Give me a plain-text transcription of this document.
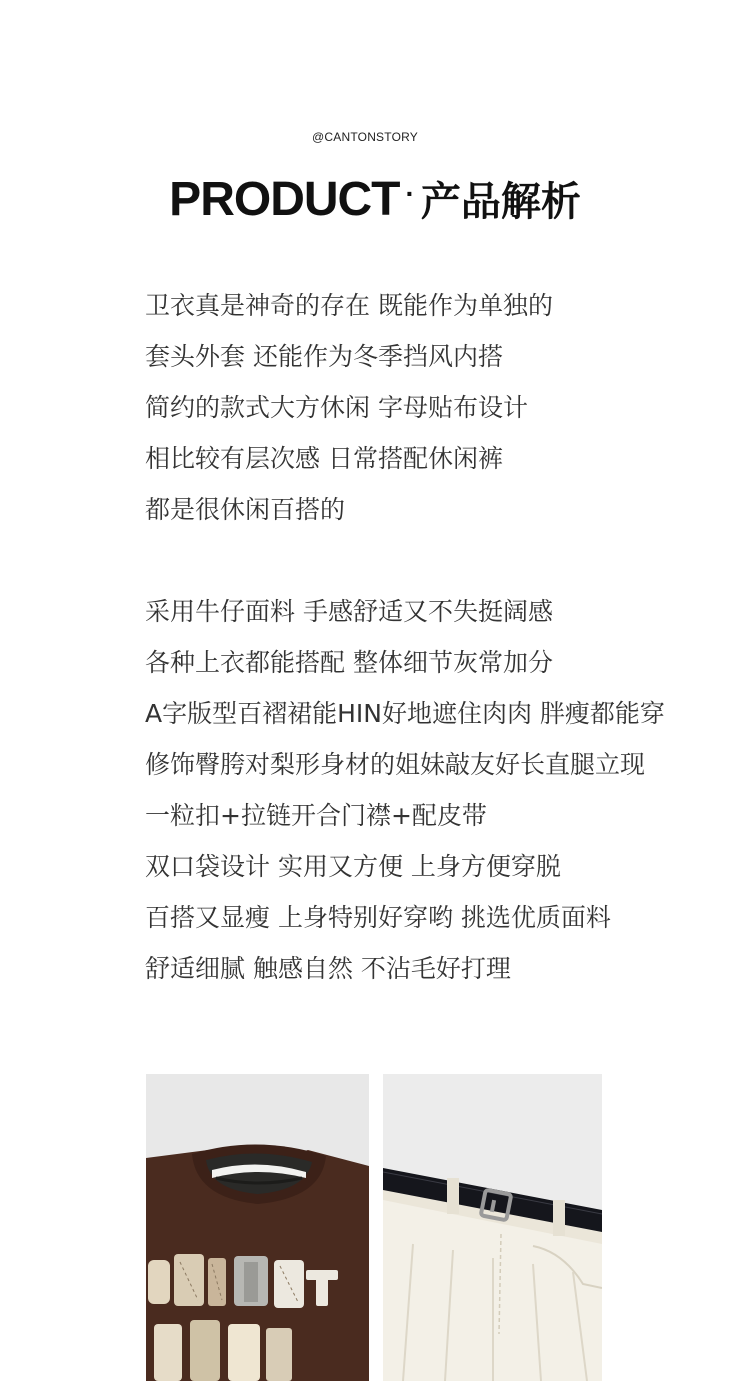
@CANTONSTORY
PRODUCT · 产品解析
卫衣真是神奇的存在 既能作为单独的
套头外套 还能作为冬季挡风内搭
简约的款式大方休闲 字母贴布设计
相比较有层次感 日常搭配休闲裤
都是很休闲百搭的
采用牛仔面料 手感舒适又不失挺阔感
各种上衣都能搭配 整体细节灰常加分
A字版型百褶裙能HIN好地遮住肉肉 胖瘦都能穿
修饰臀胯对梨形身材的姐妹敲友好长直腿立现
一粒扣+拉链开合门襟+配皮带
双口袋设计 实用又方便 上身方便穿脱
百搭又显瘦 上身特别好穿哟 挑选优质面料
舒适细腻 触感自然 不沾毛好打理
